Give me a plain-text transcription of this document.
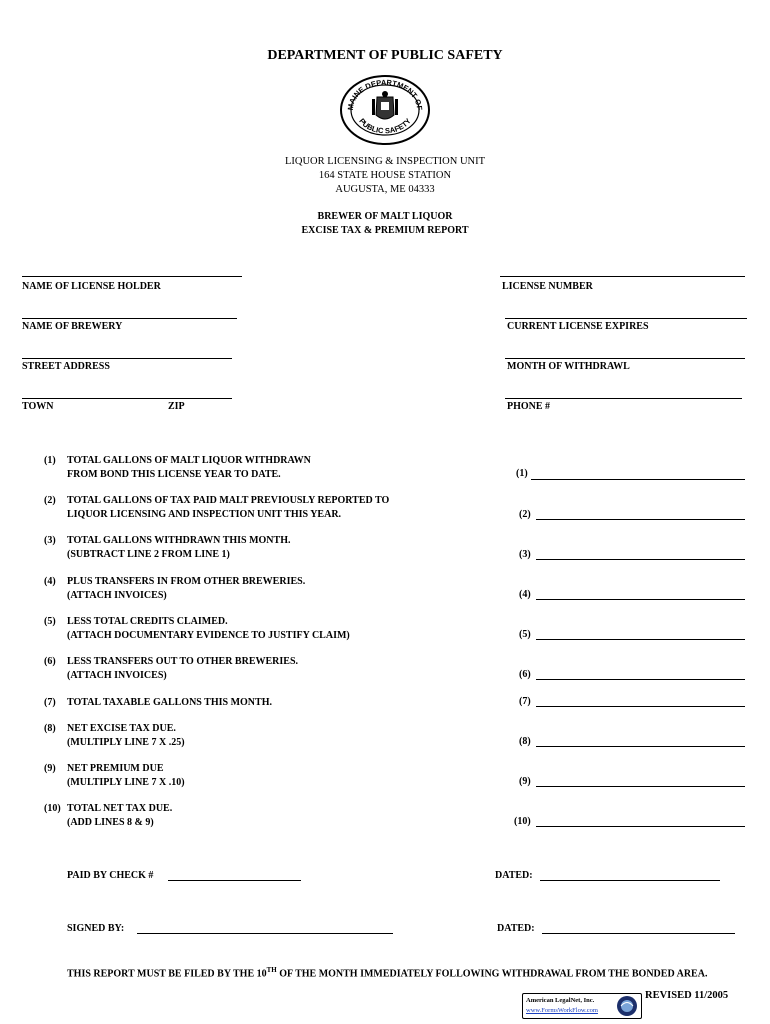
DEPARTMENT OF PUBLIC SAFETY
MAINE DEPARTMENT OF
PUBLIC SAFETY
LIQUOR LICENSING & INSPECTION UNIT
164 STATE HOUSE STATION
AUGUSTA, ME 04333
BREWER OF MALT LIQUOR
EXCISE TAX & PREMIUM REPORT
NAME OF LICENSE HOLDER	LICENSE NUMBER
NAME OF BREWERY	CURRENT LICENSE EXPIRES
STREET ADDRESS	MONTH OF WITHDRAWL
TOWN	ZIP	PHONE #
(1) TOTAL GALLONS OF MALT LIQUOR WITHDRAWN
FROM BOND THIS LICENSE YEAR TO DATE.	(1)
(2) TOTAL GALLONS OF TAX PAID MALT PREVIOUSLY REPORTED TO
LIQUOR LICENSING AND INSPECTION UNIT THIS YEAR.	(2)
(3) TOTAL GALLONS WITHDRAWN THIS MONTH.
(SUBTRACT LINE 2 FROM LINE 1)	(3)
(4) PLUS TRANSFERS IN FROM OTHER BREWERIES.
(ATTACH INVOICES)	(4)
(5) LESS TOTAL CREDITS CLAIMED.
(ATTACH DOCUMENTARY EVIDENCE TO JUSTIFY CLAIM)	(5)
(6) LESS TRANSFERS OUT TO OTHER BREWERIES.
(ATTACH INVOICES)	(6)
(7) TOTAL TAXABLE GALLONS THIS MONTH.	(7)
(8) NET EXCISE TAX DUE.
(MULTIPLY LINE 7 X .25)	(8)
(9) NET PREMIUM DUE
(MULTIPLY LINE 7 X .10)	(9)
(10) TOTAL NET TAX DUE.
(ADD LINES 8 & 9)	(10)
PAID BY CHECK #	DATED:
SIGNED BY:	DATED:
THIS REPORT MUST BE FILED BY THE 10TH OF THE MONTH IMMEDIATELY FOLLOWING WITHDRAWAL FROM THE BONDED AREA.
American LegalNet, Inc.
www.FormsWorkFlow.com
REVISED 11/2005
